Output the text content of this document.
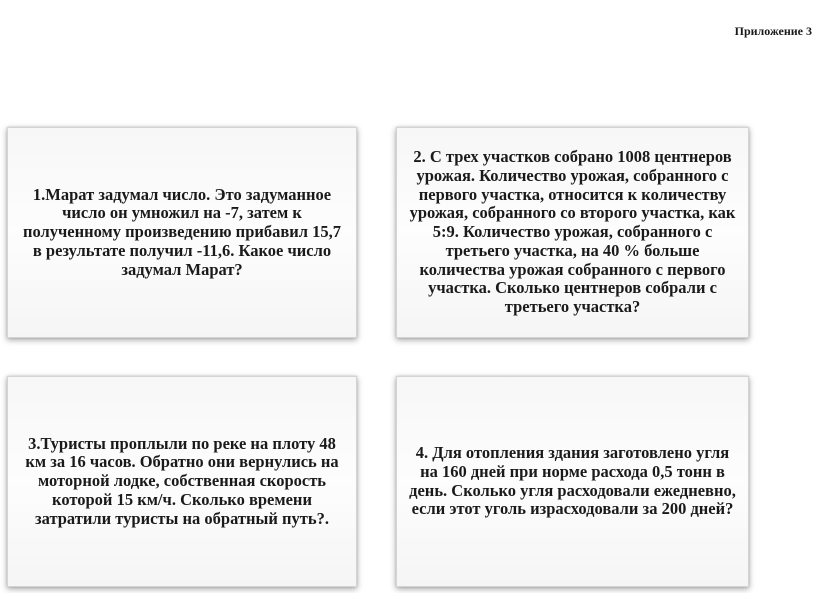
Приложение 3
1.Марат задумал число. Это задуманное число он умножил на -7, затем к полученному произведению прибавил 15,7 в результате получил -11,6. Какое число задумал Марат?
2. С трех участков собрано 1008 центнеров урожая. Количество урожая, собранного с первого участка, относится к количеству урожая, собранного со второго участка, как 5:9. Количество урожая, собранного с третьего участка, на 40 % больше количества урожая собранного с первого участка. Сколько центнеров собрали с третьего участка?
3.Туристы проплыли по реке на плоту 48 км за 16 часов. Обратно они вернулись на моторной лодке, собственная скорость которой 15 км/ч. Сколько времени затратили туристы на обратный путь?.
4. Для отопления здания заготовлено угля на 160 дней при норме расхода 0,5 тонн в день. Сколько угля расходовали ежедневно, если этот уголь израсходовали за 200 дней?
